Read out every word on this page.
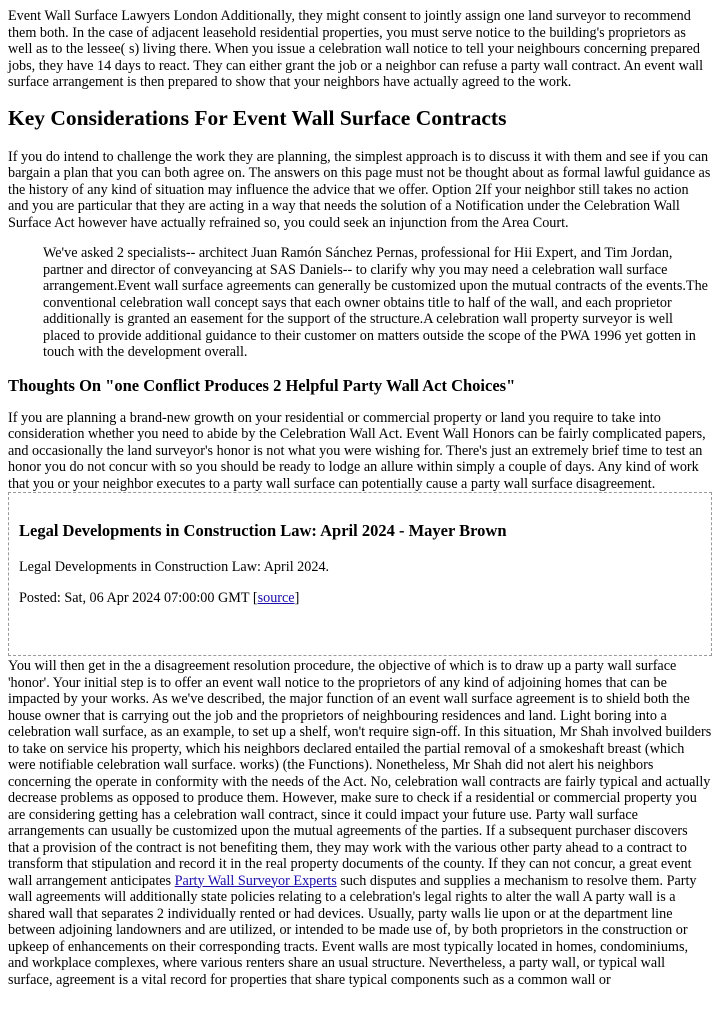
Event Wall Surface Lawyers London Additionally, they might consent to jointly assign one land surveyor to recommend them both. In the case of adjacent leasehold residential properties, you must serve notice to the building's proprietors as well as to the lessee( s) living there. When you issue a celebration wall notice to tell your neighbours concerning prepared jobs, they have 14 days to react. They can either grant the job or a neighbor can refuse a party wall contract. An event wall surface arrangement is then prepared to show that your neighbors have actually agreed to the work.

Key Considerations For Event Wall Surface Contracts

If you do intend to challenge the work they are planning, the simplest approach is to discuss it with them and see if you can bargain a plan that you can both agree on. The answers on this page must not be thought about as formal lawful guidance as the history of any kind of situation may influence the advice that we offer. Option 2If your neighbor still takes no action and you are particular that they are acting in a way that needs the solution of a Notification under the Celebration Wall Surface Act however have actually refrained so, you could seek an injunction from the Area Court.

We've asked 2 specialists-- architect Juan Ramón Sánchez Pernas, professional for Hii Expert, and Tim Jordan, partner and director of conveyancing at SAS Daniels-- to clarify why you may need a celebration wall surface arrangement.Event wall surface agreements can generally be customized upon the mutual contracts of the events.The conventional celebration wall concept says that each owner obtains title to half of the wall, and each proprietor additionally is granted an easement for the support of the structure.A celebration wall property surveyor is well placed to provide additional guidance to their customer on matters outside the scope of the PWA 1996 yet gotten in touch with the development overall.
Thoughts On "one Conflict Produces 2 Helpful Party Wall Act Choices"

If you are planning a brand-new growth on your residential or commercial property or land you require to take into consideration whether you need to abide by the Celebration Wall Act. Event Wall Honors can be fairly complicated papers, and occasionally the land surveyor's honor is not what you were wishing for. There's just an extremely brief time to test an honor you do not concur with so you should be ready to lodge an allure within simply a couple of days. Any kind of work that you or your neighbor executes to a party wall surface can potentially cause a party wall surface disagreement.

Legal Developments in Construction Law: April 2024 - Mayer Brown

Legal Developments in Construction Law: April 2024.

Posted: Sat, 06 Apr 2024 07:00:00 GMT [source]

You will then get in the a disagreement resolution procedure, the objective of which is to draw up a party wall surface 'honor'. Your initial step is to offer an event wall notice to the proprietors of any kind of adjoining homes that can be impacted by your works. As we've described, the major function of an event wall surface agreement is to shield both the house owner that is carrying out the job and the proprietors of neighbouring residences and land. Light boring into a celebration wall surface, as an example, to set up a shelf, won't require sign-off. In this situation, Mr Shah involved builders to take on service his property, which his neighbors declared entailed the partial removal of a smokeshaft breast (which were notifiable celebration wall surface. works) (the Functions). Nonetheless, Mr Shah did not alert his neighbors concerning the operate in conformity with the needs of the Act. No, celebration wall contracts are fairly typical and actually decrease problems as opposed to produce them. However, make sure to check if a residential or commercial property you are considering getting has a celebration wall contract, since it could impact your future use. Party wall surface arrangements can usually be customized upon the mutual agreements of the parties. If a subsequent purchaser discovers that a provision of the contract is not benefiting them, they may work with the various other party ahead to a contract to transform that stipulation and record it in the real property documents of the county. If they can not concur, a great event wall arrangement anticipates Party Wall Surveyor Experts such disputes and supplies a mechanism to resolve them. Party wall agreements will additionally state policies relating to a celebration's legal rights to alter the wall A party wall is a shared wall that separates 2 individually rented or had devices. Usually, party walls lie upon or at the department line between adjoining landowners and are utilized, or intended to be made use of, by both proprietors in the construction or upkeep of enhancements on their corresponding tracts. Event walls are most typically located in homes, condominiums, and workplace complexes, where various renters share an usual structure. Nevertheless, a party wall, or typical wall surface, agreement is a vital record for properties that share typical components such as a common wall or
